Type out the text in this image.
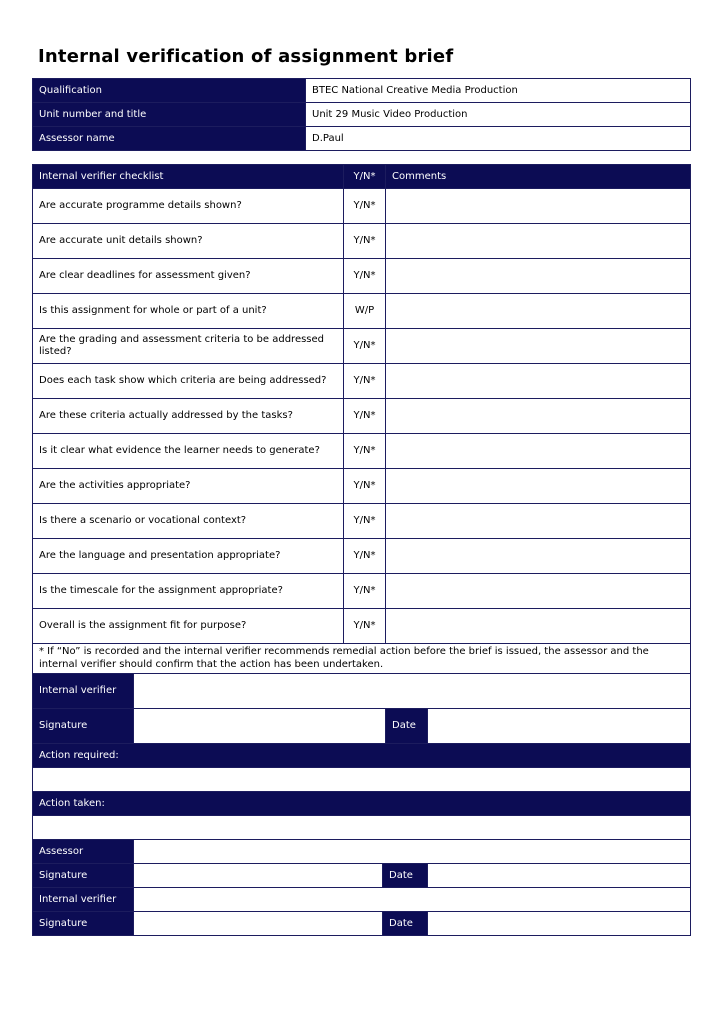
Internal verification of assignment brief
Qualification	BTEC National Creative Media Production
Unit number and title	Unit 29 Music Video Production
Assessor name	D.Paul
Internal verifier checklist	Y/N*	Comments
Are accurate programme details shown?	Y/N*	
Are accurate unit details shown?	Y/N*	
Are clear deadlines for assessment given?	Y/N*	
Is this assignment for whole or part of a unit?	W/P	
Are the grading and assessment criteria to be addressed listed?	Y/N*	
Does each task show which criteria are being addressed?	Y/N*	
Are these criteria actually addressed by the tasks?	Y/N*	
Is it clear what evidence the learner needs to generate?	Y/N*	
Are the activities appropriate?	Y/N*	
Is there a scenario or vocational context?	Y/N*	
Are the language and presentation appropriate?	Y/N*	
Is the timescale for the assignment appropriate?	Y/N*	
Overall is the assignment fit for purpose?	Y/N*	
* If “No” is recorded and the internal verifier recommends remedial action before the brief is issued, the assessor and the internal verifier should confirm that the action has been undertaken.		
Internal verifier			
Signature		Date	
Action required:			

Action taken:			

Assessor			
Signature		Date	
Internal verifier			
Signature		Date	
